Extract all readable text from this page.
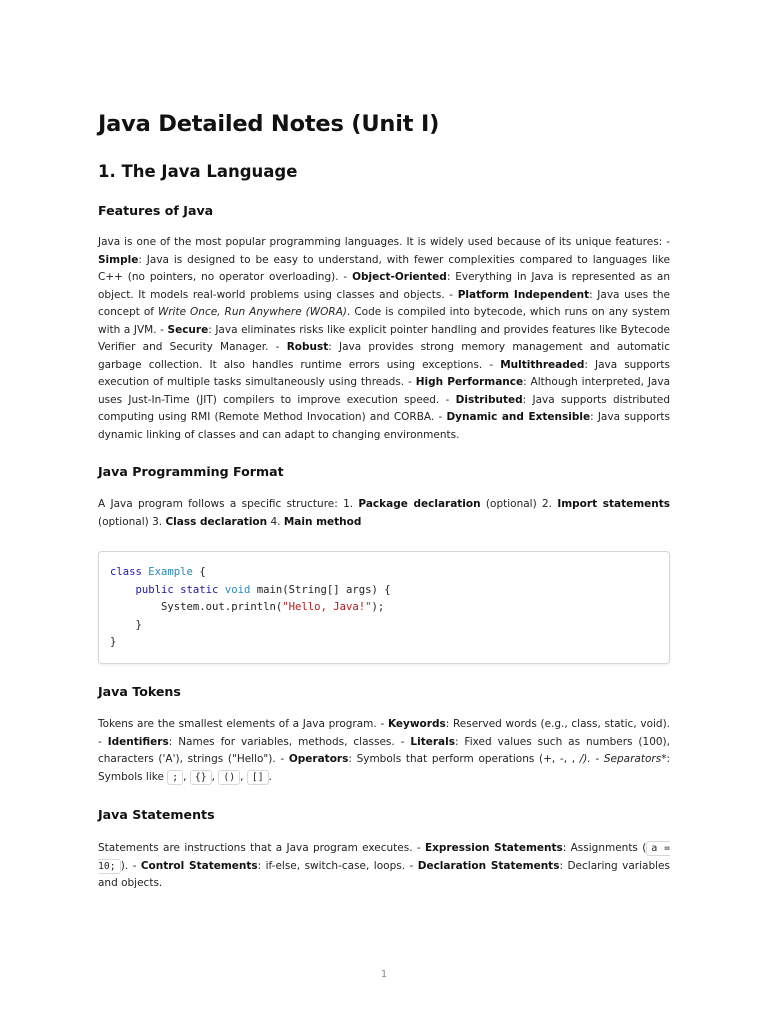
Java Detailed Notes (Unit I)
1. The Java Language
Features of Java

Java is one of the most popular programming languages. It is widely used because of its unique features: - Simple: Java is designed to be easy to understand, with fewer complexities compared to languages like C++ (no pointers, no operator overloading). - Object-Oriented: Everything in Java is represented as an object. It models real-world problems using classes and objects. - Platform Independent: Java uses the concept of Write Once, Run Anywhere (WORA). Code is compiled into bytecode, which runs on any system with a JVM. - Secure: Java eliminates risks like explicit pointer handling and provides features like Bytecode Verifier and Security Manager. - Robust: Java provides strong memory management and automatic garbage collection. It also handles runtime errors using exceptions. - Multithreaded: Java supports execution of multiple tasks simultaneously using threads. - High Performance: Although interpreted, Java uses Just-In-Time (JIT) compilers to improve execution speed. - Distributed: Java supports distributed computing using RMI (Remote Method Invocation) and CORBA. - Dynamic and Extensible: Java supports dynamic linking of classes and can adapt to changing environments.

Java Programming Format

A Java program follows a specific structure: 1. Package declaration (optional) 2. Import statements (optional) 3. Class declaration 4. Main method

class Example {
public static void main(String[] args) {
System.out.println("Hello, Java!");
}
}
Java Tokens

Tokens are the smallest elements of a Java program. - Keywords: Reserved words (e.g., class, static, void). - Identifiers: Names for variables, methods, classes. - Literals: Fixed values such as numbers (100), characters ('A'), strings ("Hello"). - Operators: Symbols that perform operations (+, -, , /). - Separators*: Symbols like ; , {} , () , [] .

Java Statements

Statements are instructions that a Java program executes. - Expression Statements: Assignments ( a = 10; ). - Control Statements: if-else, switch-case, loops. - Declaration Statements: Declaring variables and objects.

1
